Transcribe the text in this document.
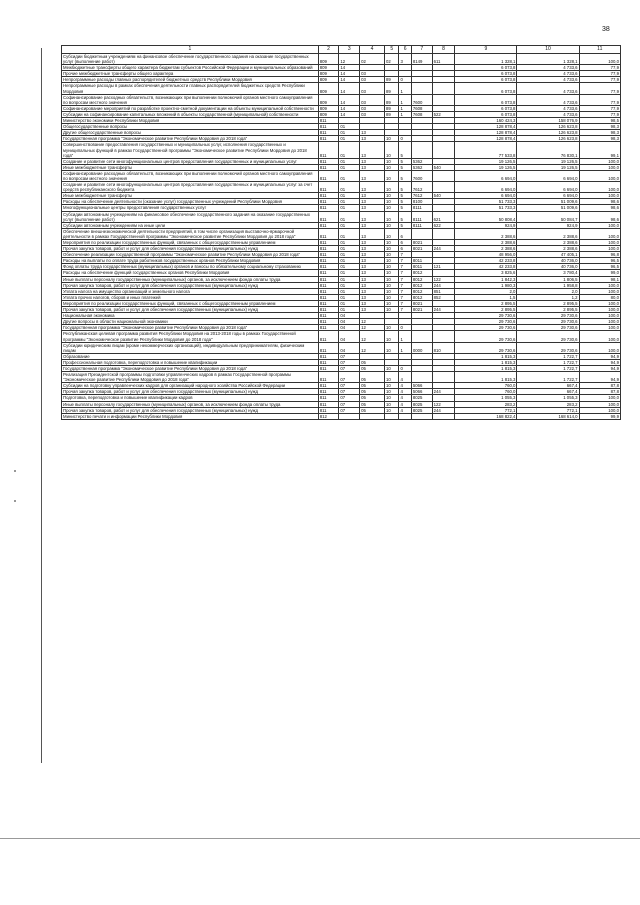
38
1	2	3	4	5	6	7	8	9	10	11
Субсидии бюджетным учреждениям на финансовое обеспечение государственного задания на оказание государственных услуг (выполнение работ)	809	12	02	02	3	8149	611	1 328,1	1 328,1	100,0
Межбюджетные трансферты общего характера бюджетам субъектов Российской Федерации и муниципальных образований	809	14						6 073,8	4 733,6	77,9
Прочие межбюджетные трансферты общего характера	809	14	03					6 073,8	4 733,6	77,9
Непрограммные расходы главных распорядителей бюджетных средств Республики Мордовия	809	14	03	89	0			6 073,8	4 733,6	77,9
Непрограммные расходы в рамках обеспечения деятельности главных распорядителей бюджетных средств Республики Мордовия	809	14	03	89	1			6 073,8	4 733,6	77,9
Софинансирование расходных обязательств, возникающих при выполнении полномочий органов местного самоуправления по вопросам местного значения	809	14	03	89	1	7600		6 073,8	4 733,6	77,9
Софинансирование мероприятий по разработке проектно-сметной документации на объекты муниципальной собственности	809	14	03	89	1	7608		6 073,8	4 733,6	77,9
Субсидии на софинансирование капитальных вложений в объекты государственной (муниципальной) собственности	809	14	03	89	1	7608	522	6 073,8	4 733,6	77,9
Министерство экономики Республики Мордовия	811							160 424,3	158 076,9	98,5
Общегосударственные вопросы	811	01						128 878,4	126 623,8	98,3
Другие общегосударственные вопросы	811	01	13					128 878,4	126 623,8	98,3
Государственная программа "Экономическое развитие Республики Мордовия до 2018 года"	811	01	13	10	0			128 878,4	126 623,8	98,3
Совершенствование предоставления государственных и муниципальных услуг, исполнения государственных и муниципальных функций в рамках Государственной программы "Экономическое развитие Республики Мордовия до 2018 года"	811	01	13	10	5			77 533,8	76 830,1	99,1
Создание и развитие сети многофункциональных центров предоставления государственных и муниципальных услуг	811	01	13	10	5	5362		19 126,5	19 126,5	100,0
Иные межбюджетные трансферты	811	01	13	10	5	5362	540	19 126,5	19 126,5	100,0
Софинансирование расходных обязательств, возникающих при выполнении полномочий органов местного самоуправления по вопросам местного значения	811	01	13	10	5	7600		6 694,0	6 694,0	100,0
Создание и развитие сети многофункциональных центров предоставления государственных и муниципальных услуг за счет средств республиканского бюджета	811	01	13	10	5	7612		6 694,0	6 694,0	100,0
Иные межбюджетные трансферты	811	01	13	10	5	7612	540	6 694,0	6 694,0	100,0
Расходы на обеспечение деятельности (оказание услуг) государственных учреждений Республики Мордовия	811	01	13	10	5	8100		51 733,3	51 009,6	98,6
Многофункциональные центры предоставления государственных услуг	811	01	13	10	5	8111		51 733,3	51 009,6	98,6
Субсидии автономным учреждениям на финансовое обеспечение государственного задания на оказание государственных услуг (выполнение работ)	811	01	13	10	5	8111	621	50 808,4	50 084,7	98,6
Субсидии автономным учреждениям на иные цели	811	01	13	10	5	8111	622	924,9	924,9	100,0
Обеспечение внешнеэкономической деятельности предприятий, в том числе организация выставочно-ярмарочной деятельности в рамках Государственной программы "Экономическое развитие Республики Мордовия до 2018 года"	811	01	13	10	6			2 388,6	2 388,6	100,0
Мероприятия по реализации государственных функций, связанных с общегосударственным управлением	811	01	13	10	6	8021		2 388,6	2 388,6	100,0
Прочая закупка товаров, работ и услуг для обеспечения государственных (муниципальных) нужд	811	01	13	10	6	8021	244	2 388,6	2 388,6	100,0
Обеспечение реализации государственной программы "Экономическое развитие Республики Мордовия до 2018 года"	811	01	13	10	7			48 956,0	47 405,1	96,8
Расходы на выплаты по оплате труда работников государственных органов Республики Мордовия	811	01	13	10	7	8011		42 233,8	40 736,0	96,5
Фонд оплаты труда государственных (муниципальных) органов и взносы по обязательному социальному страхованию	811	01	13	10	7	8011	121	42 233,8	40 736,0	96,5
Расходы на обеспечение функций государственных органов Республики Мордовия	811	01	13	10	7	8012		3 825,6	3 780,4	99,0
Иные выплаты персоналу государственных (муниципальных) органов, за исключением фонда оплаты труда	811	01	13	10	7	8012	122	1 842,3	1 806,5	98,1
Прочая закупка товаров, работ и услуг для обеспечения государственных (муниципальных) нужд	811	01	13	10	7	8012	244	1 980,3	1 958,8	100,0
Уплата налога на имущество организаций и земельного налога	811	01	13	10	7	8012	851	2,0	2,0	100,0
Уплата прочих налогов, сборов и иных платежей	811	01	13	10	7	8012	852	1,5	1,2	80,0
Мероприятия по реализации государственных функций, связанных с общегосударственным управлением	811	01	13	10	7	8021		2 895,5	2 895,5	100,0
Прочая закупка товаров, работ и услуг для обеспечения государственных (муниципальных) нужд	811	01	13	10	7	8021	244	2 895,5	2 895,5	100,0
Национальная экономика	811	04						29 730,6	29 730,6	100,0
Другие вопросы в области национальной экономики	811	04	12					29 730,6	29 730,6	100,0
Государственная программа "Экономическое развитие Республики Мордовия до 2018 года"	811	04	12	10	0			29 730,6	29 730,6	100,0
Республиканская целевая программа развития Республики Мордовия на 2013-2018 годы в рамках Государственной программы "Экономическое развитие Республики Мордовия до 2018 года"	811	04	12	10	1			29 730,6	29 730,6	100,0
Субсидии юридическим лицам (кроме некоммерческих организаций), индивидуальным предпринимателям, физическим лицам	811	04	12	10	1	0000	810	29 730,6	29 730,6	100,0
Образование	811	07						1 815,3	1 722,7	94,9
Профессиональная подготовка, переподготовка и повышение квалификации	811	07	05					1 815,3	1 722,7	94,9
Государственная программа "Экономическое развитие Республики Мордовия до 2018 года"	811	07	05	10	0			1 815,3	1 722,7	94,9
Реализация Президентской программы подготовки управленческих кадров в рамках Государственной программы "Экономическое развитие Республики Мордовия до 2018 года"	811	07	05	10	4			1 815,3	1 722,7	94,9
Субсидии на подготовку управленческих кадров для организаций народного хозяйства Российской Федерации	811	07	05	10	4	5066		760,0	667,4	87,8
Прочая закупка товаров, работ и услуг для обеспечения государственных (муниципальных) нужд	811	07	05	10	4	5066	244	760,0	667,4	87,8
Подготовка, переподготовка и повышение квалификации кадров	811	07	05	10	4	8025		1 055,3	1 055,3	100,0
Иные выплаты персоналу государственных (муниципальных) органов, за исключением фонда оплаты труда	811	07	05	10	4	8025	122	283,2	283,2	100,0
Прочая закупка товаров, работ и услуг для обеспечения государственных (муниципальных) нужд	811	07	05	10	4	8025	244	772,1	772,1	100,0
Министерство печати и информации Республики Мордовия	812							168 822,4	168 614,0	99,9
